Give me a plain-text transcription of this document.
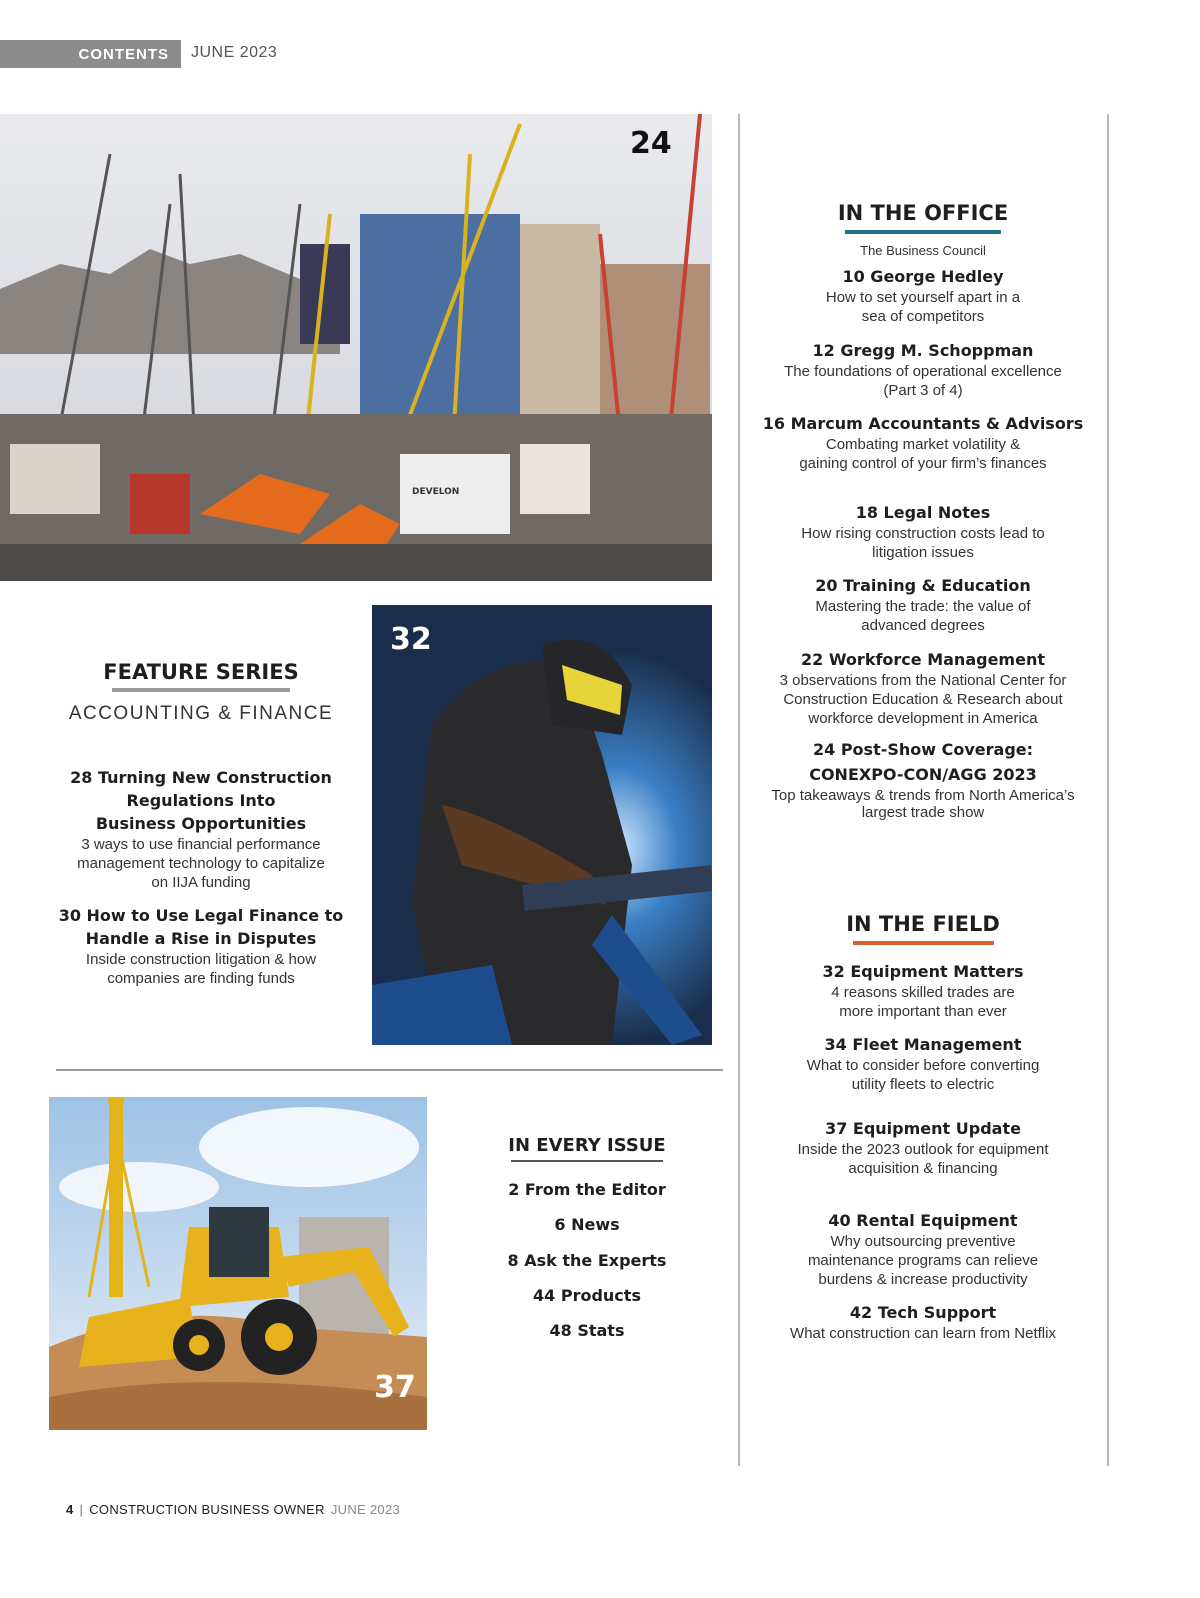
CONTENTS JUNE 2023
DEVELON
24
32
37
FEATURE SERIES
ACCOUNTING & FINANCE
28 Turning New Construction
Regulations Into
Business Opportunities
3 ways to use financial performance
management technology to capitalize
on IIJA funding
30 How to Use Legal Finance to
Handle a Rise in Disputes
Inside construction litigation & how
companies are finding funds
IN THE OFFICE
The Business Council
10 George Hedley
How to set yourself apart in a
sea of competitors
12 Gregg M. Schoppman
The foundations of operational excellence
(Part 3 of 4)
16 Marcum Accountants & Advisors
Combating market volatility &
gaining control of your firm’s finances
18 Legal Notes
How rising construction costs lead to
litigation issues
20 Training & Education
Mastering the trade: the value of
advanced degrees
22 Workforce Management
3 observations from the National Center for
Construction Education & Research about
workforce development in America
24 Post-Show Coverage:
CONEXPO-CON/AGG 2023
Top takeaways & trends from North America’s
largest trade show
IN THE FIELD
32 Equipment Matters
4 reasons skilled trades are
more important than ever
34 Fleet Management
What to consider before converting
utility fleets to electric
37 Equipment Update
Inside the 2023 outlook for equipment
acquisition & financing
40 Rental Equipment
Why outsourcing preventive
maintenance programs can relieve
burdens & increase productivity
42 Tech Support
What construction can learn from Netflix
IN EVERY ISSUE
2 From the Editor
6 News
8 Ask the Experts
44 Products
48 Stats
4 | CONSTRUCTION BUSINESS OWNER JUNE 2023
